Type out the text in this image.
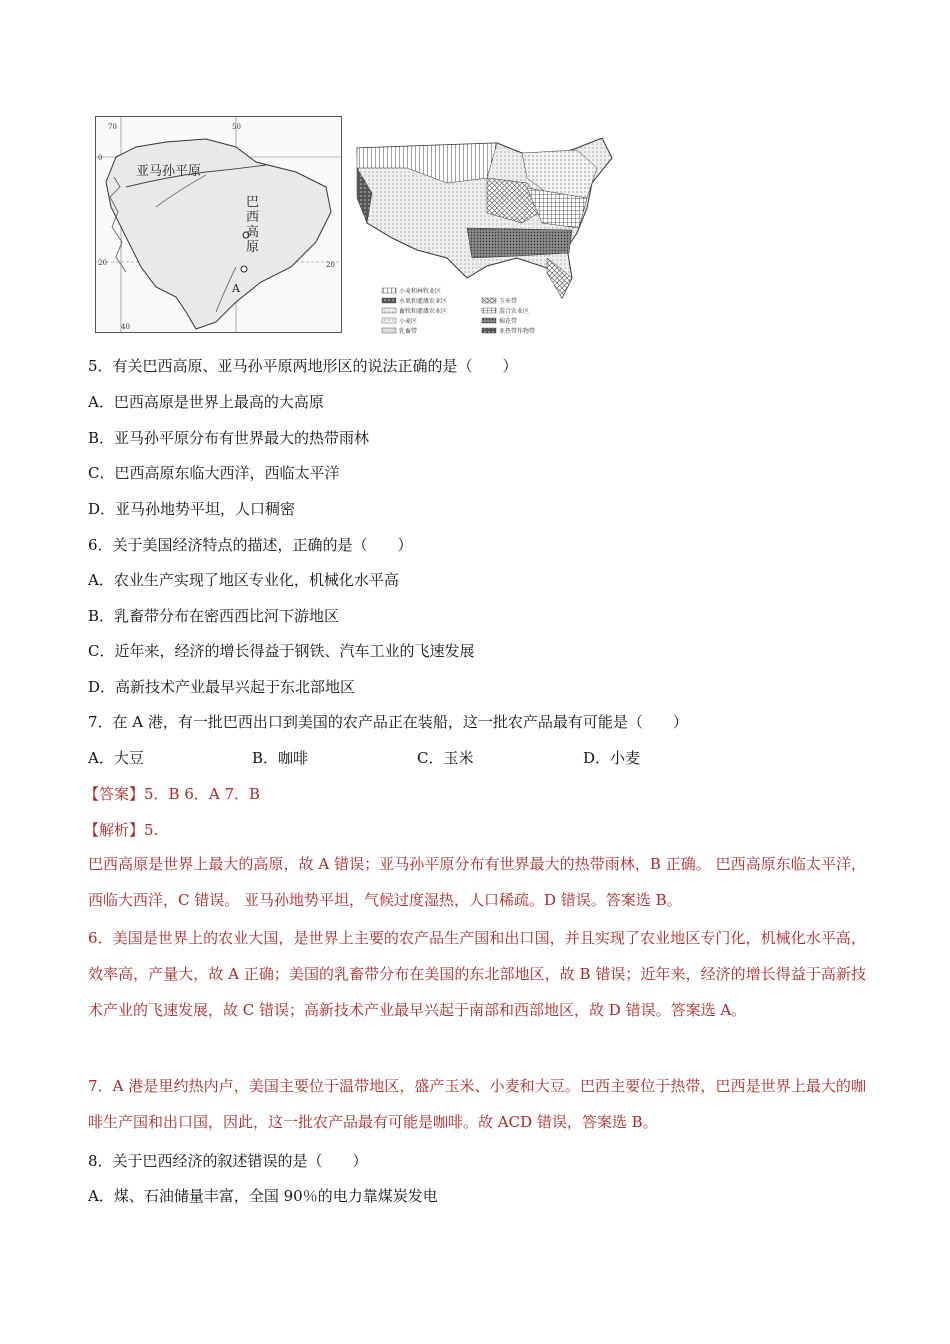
70	50
0
20
40
20
亚马孙平原
A
巴西高原
小麦和林牧业区
玉米带
水果和灌溉农业区
混合农业区
畜牧和灌溉农业区
棉花带
小麦区
亚热带作物带
乳畜带
5．有关巴西高原、亚马孙平原两地形区的说法正确的是（　　）
A．巴西高原是世界上最高的大高原
B．亚马孙平原分布有世界最大的热带雨林
C．巴西高原东临大西洋，西临太平洋
D．亚马孙地势平坦，人口稠密
6．关于美国经济特点的描述，正确的是（　　）
A．农业生产实现了地区专业化，机械化水平高
B．乳畜带分布在密西西比河下游地区
C．近年来，经济的增长得益于钢铁、汽车工业的飞速发展
D．高新技术产业最早兴起于东北部地区
7．在 A 港，有一批巴西出口到美国的农产品正在装船，这一批农产品最有可能是（　　）
A．大豆	B．咖啡	C．玉米	D．小麦
【答案】5．B 6．A 7．B
【解析】5.
巴西高原是世界上最大的高原，故 A 错误；亚马孙平原分布有世界最大的热带雨林，B 正确。 巴西高原东临太平洋，西临大西洋，C 错误。 亚马孙地势平坦，气候过度湿热，人口稀疏。D 错误。答案选 B。
6．美国是世界上的农业大国，是世界上主要的农产品生产国和出口国，并且实现了农业地区专门化，机械化水平高，效率高，产量大，故 A 正确；美国的乳畜带分布在美国的东北部地区，故 B 错误；近年来，经济的增长得益于高新技术产业的飞速发展，故 C 错误；高新技术产业最早兴起于南部和西部地区，故 D 错误。答案选 A。
7．A 港是里约热内卢，美国主要位于温带地区，盛产玉米、小麦和大豆。巴西主要位于热带，巴西是世界上最大的咖啡生产国和出口国，因此，这一批农产品最有可能是咖啡。故 ACD 错误，答案选 B。
8．关于巴西经济的叙述错误的是（　　）
A．煤、石油储量丰富，全国 90％的电力靠煤炭发电
